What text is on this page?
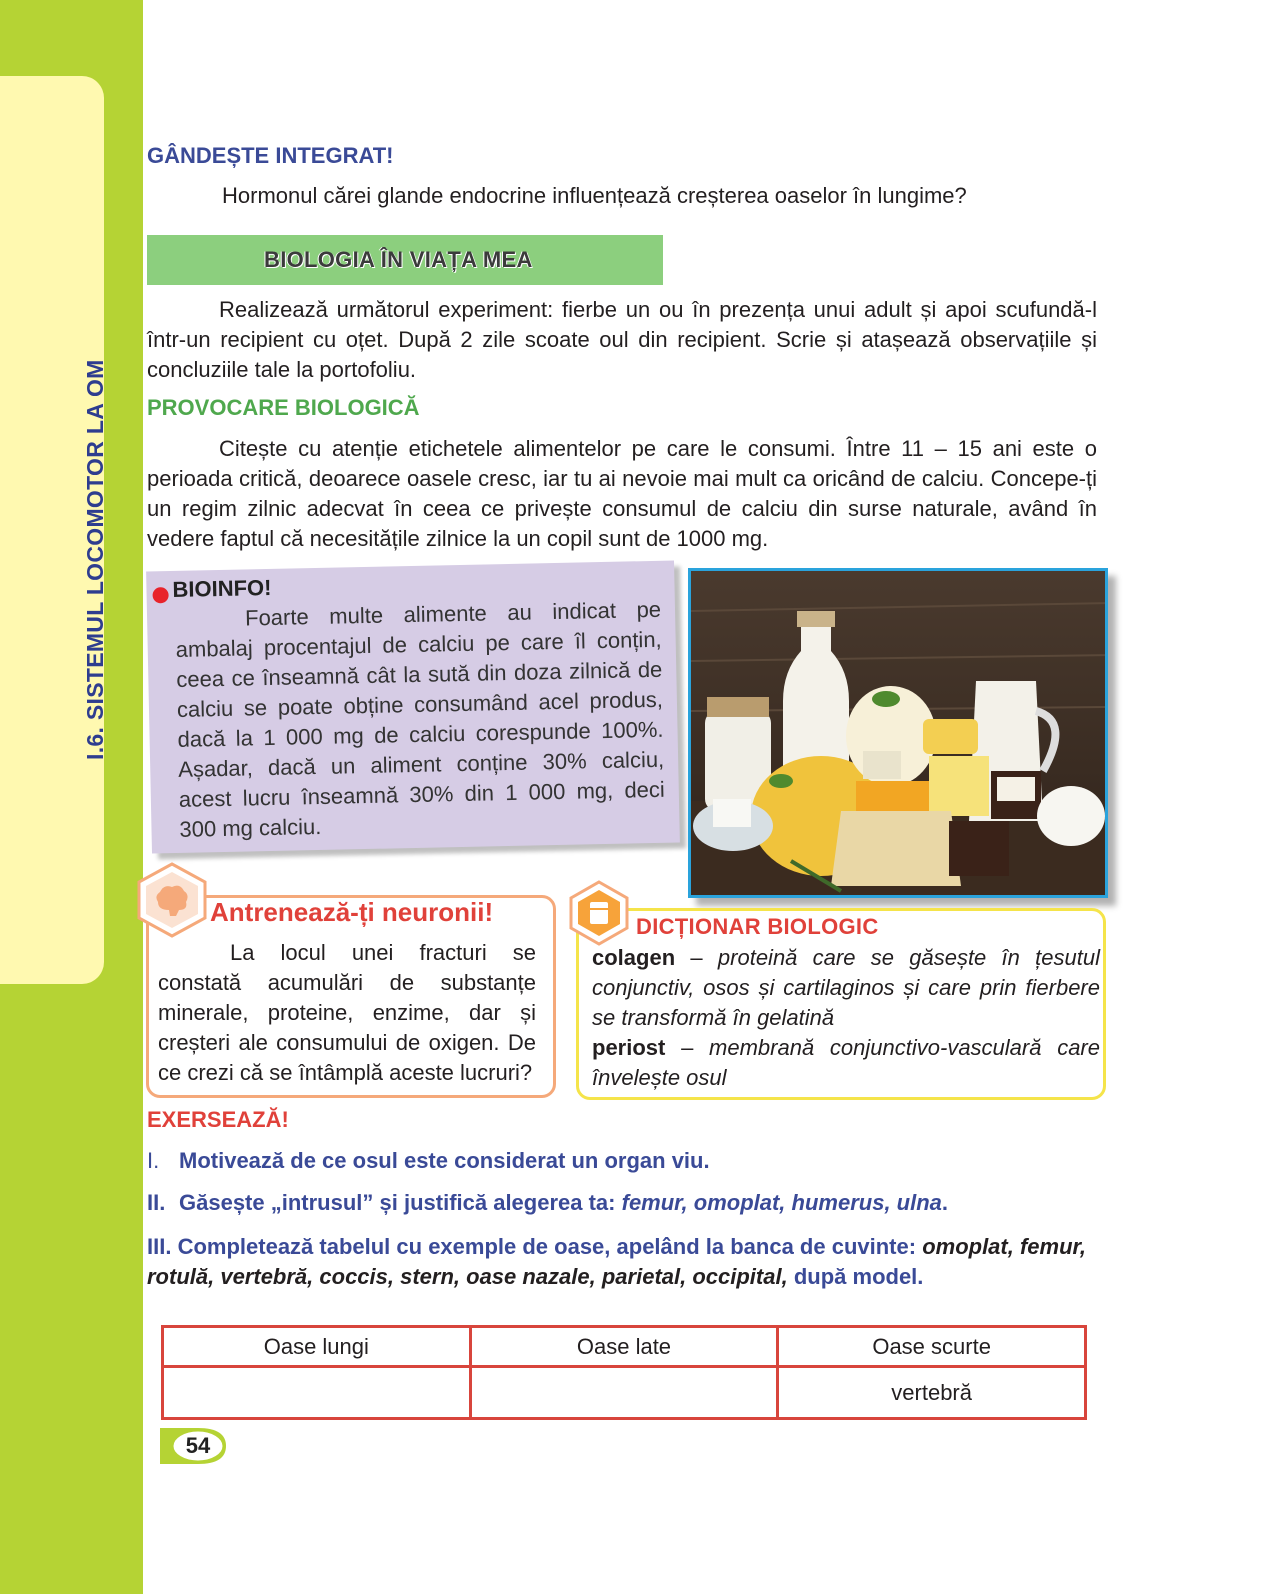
I.6. SISTEMUL LOCOMOTOR LA OM
GÂNDEȘTE INTEGRAT!
Hormonul cărei glande endocrine influențează creșterea oaselor în lungime?
BIOLOGIA ÎN VIAȚA MEA
Realizează următorul experiment: fierbe un ou în prezența unui adult și apoi scufundă-l într-un recipient cu oțet. După 2 zile scoate oul din recipient. Scrie și atașează observațiile și concluziile tale la portofoliu.
PROVOCARE BIOLOGICĂ
Citește cu atenție etichetele alimentelor pe care le consumi. Între 11 – 15 ani este o perioada critică, deoarece oasele cresc, iar tu ai nevoie mai mult ca oricând de calciu. Concepe-ți un regim zilnic adecvat în ceea ce privește consumul de calciu din surse naturale, având în vedere faptul că necesitățile zilnice la un copil sunt de 1000 mg.
BIOINFO!
Foarte multe alimente au indicat pe ambalaj procentajul de calciu pe care îl conțin, ceea ce înseamnă cât la sută din doza zilnică de calciu se poate obține consumând acel produs, dacă la 1 000 mg de calciu corespunde 100%. Așadar, dacă un aliment conține 30% calciu, acest lucru înseamnă 30% din 1 000 mg, deci 300 mg calciu.
Antrenează-ți neuronii!
La locul unei fracturi se constată acumulări de substanțe minerale, proteine, enzime, dar și creșteri ale consumului de oxigen. De ce crezi că se întâmplă aceste lucruri?
DICȚIONAR BIOLOGIC
colagen – proteină care se găsește în țesutul conjunctiv, osos și cartilaginos și care prin fierbere se transformă în gelatină
periost – membrană conjunctivo-vasculară care învelește osul
EXERSEAZĂ!
I. Motivează de ce osul este considerat un organ viu.
II. Găsește „intrusul” și justifică alegerea ta: femur, omoplat, humerus, ulna.
III. Completează tabelul cu exemple de oase, apelând la banca de cuvinte: omoplat, femur, rotulă, vertebră, coccis, stern, oase nazale, parietal, occipital, după model.
Oase lungi	Oase late	Oase scurte
		vertebră
54
